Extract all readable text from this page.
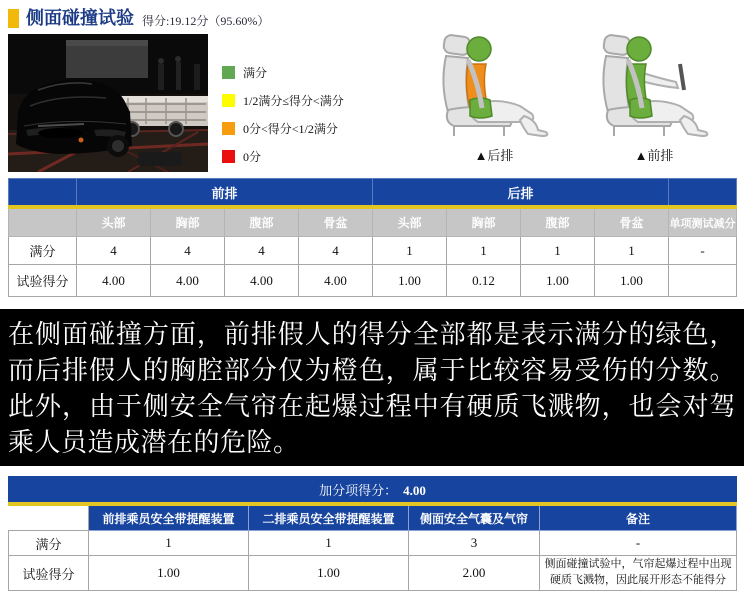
侧面碰撞试验 得分:19.12分（95.60%）
满分
1/2满分≤得分<满分
0分<得分<1/2满分
0分	▲后排	▲前排
	前排				后排				
	头部	胸部	腹部	骨盆	头部	胸部	腹部	骨盆	单项测试减分
满分	4	4	4	4	1	1	1	1	-
试验得分	4.00	4.00	4.00	4.00	1.00	0.12	1.00	1.00	
在侧面碰撞方面，前排假人的得分全部都是表示满分的绿色，而后排假人的胸腔部分仅为橙色，属于比较容易受伤的分数。此外，由于侧安全气帘在起爆过程中有硬质飞溅物，也会对驾乘人员造成潜在的危险。
加分项得分： 4.00				
	前排乘员安全带提醒装置	二排乘员安全带提醒装置	侧面安全气囊及气帘	备注
满分	1	1	3	-
试验得分	1.00	1.00	2.00	侧面碰撞试验中，气帘起爆过程中出现硬质飞溅物，因此展开形态不能得分
